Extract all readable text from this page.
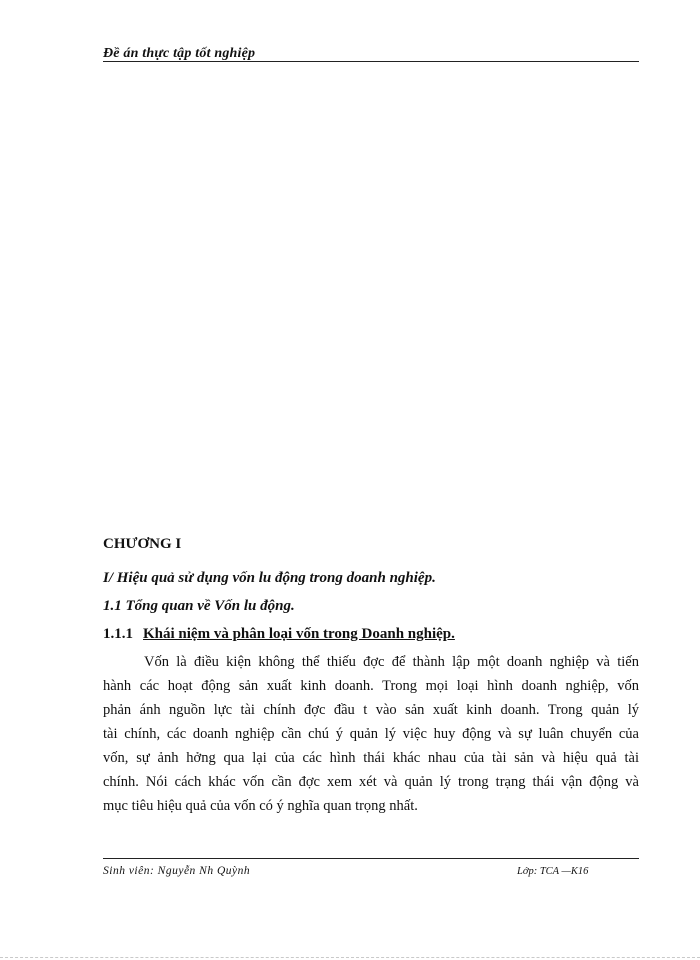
Đề án thực tập tốt nghiệp
CHƯƠNG I
I/ Hiệu quả sử dụng vốn lu động trong doanh nghiệp.
1.1 Tổng quan về Vốn lu động.
1.1.1 Khái niệm và phân loại vốn trong Doanh nghiệp.

Vốn là điều kiện không thể thiếu đợc để thành lập một doanh nghiệp và tiến
hành các hoạt động sản xuất kinh doanh. Trong mọi loại hình doanh nghiệp, vốn
phản ánh nguồn lực tài chính đợc đầu t vào sản xuất kinh doanh. Trong quản lý
tài chính, các doanh nghiệp cần chú ý quản lý việc huy động và sự luân chuyển của
vốn, sự ảnh hởng qua lại của các hình thái khác nhau của tài sản và hiệu quả tài
chính. Nói cách khác vốn cần đợc xem xét và quản lý trong trạng thái vận động và
mục tiêu hiệu quả của vốn có ý nghĩa quan trọng nhất.

Sinh viên: Nguyễn Nh Quỳnh	Lớp: TCA —K16
